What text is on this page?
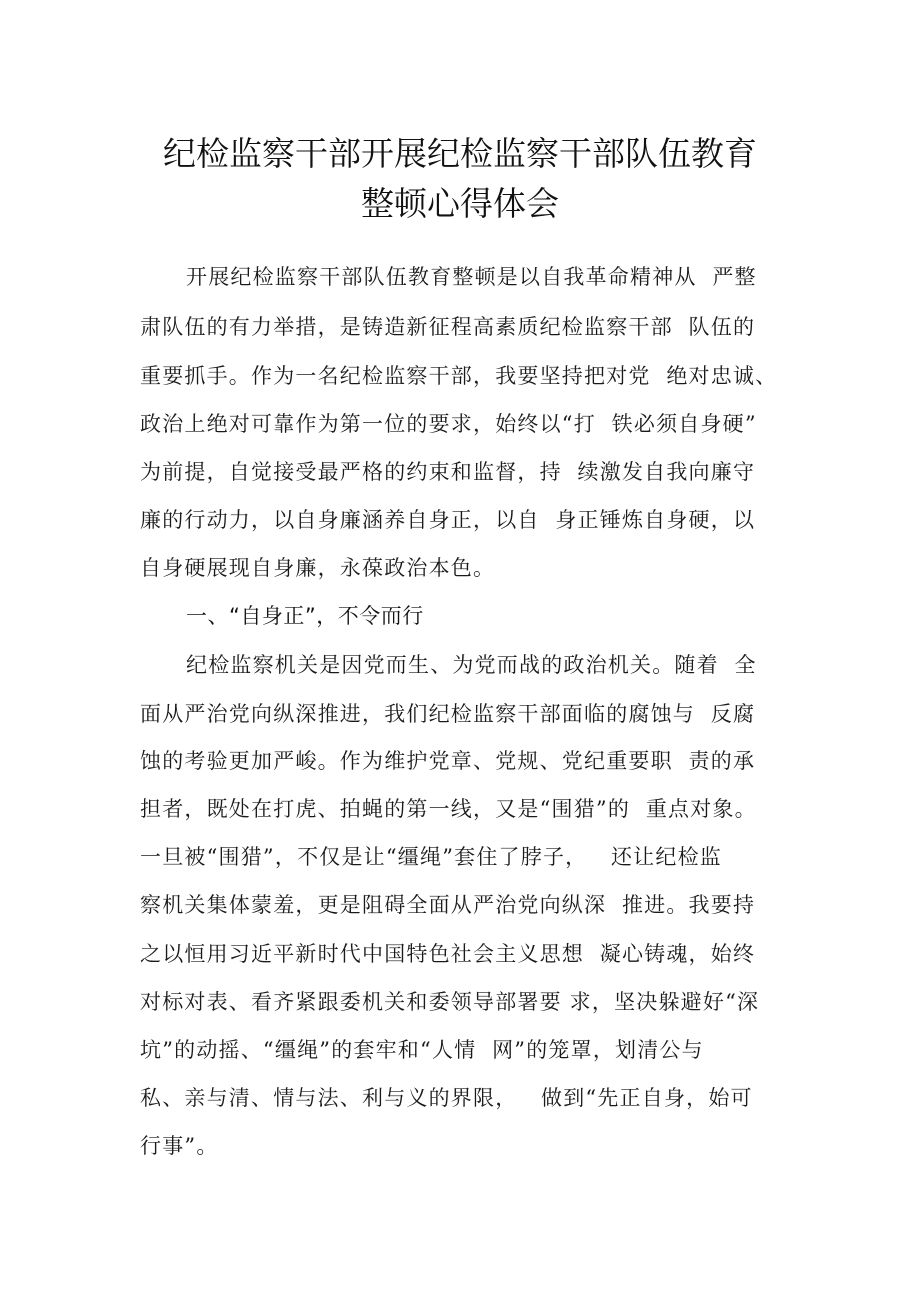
纪检监察干部开展纪检监察干部队伍教育
整顿心得体会
开展纪检监察干部队伍教育整顿是以自我革命精神从  严整
肃队伍的有力举措，是铸造新征程高素质纪检监察干部  队伍的
重要抓手。作为一名纪检监察干部，我要坚持把对党  绝对忠诚、
政治上绝对可靠作为第一位的要求，始终以“打  铁必须自身硬”
为前提，自觉接受最严格的约束和监督，持  续激发自我向廉守
廉的行动力，以自身廉涵养自身正，以自  身正锤炼自身硬，以
自身硬展现自身廉，永葆政治本色。
一、“自身正”，不令而行
纪检监察机关是因党而生、为党而战的政治机关。随着  全
面从严治党向纵深推进，我们纪检监察干部面临的腐蚀与  反腐
蚀的考验更加严峻。作为维护党章、党规、党纪重要职  责的承
担者，既处在打虎、拍蝇的第一线，又是“围猎”的  重点对象。
一旦被“围猎”，不仅是让“缰绳”套住了脖子，   还让纪检监
察机关集体蒙羞，更是阻碍全面从严治党向纵深  推进。我要持
之以恒用习近平新时代中国特色社会主义思想  凝心铸魂，始终
对标对表、看齐紧跟委机关和委领导部署要 求，坚决躲避好“深
坑”的动摇、“缰绳”的套牢和“人情  网”的笼罩，划清公与
私、亲与清、情与法、利与义的界限，   做到“先正自身，始可
行事”。
